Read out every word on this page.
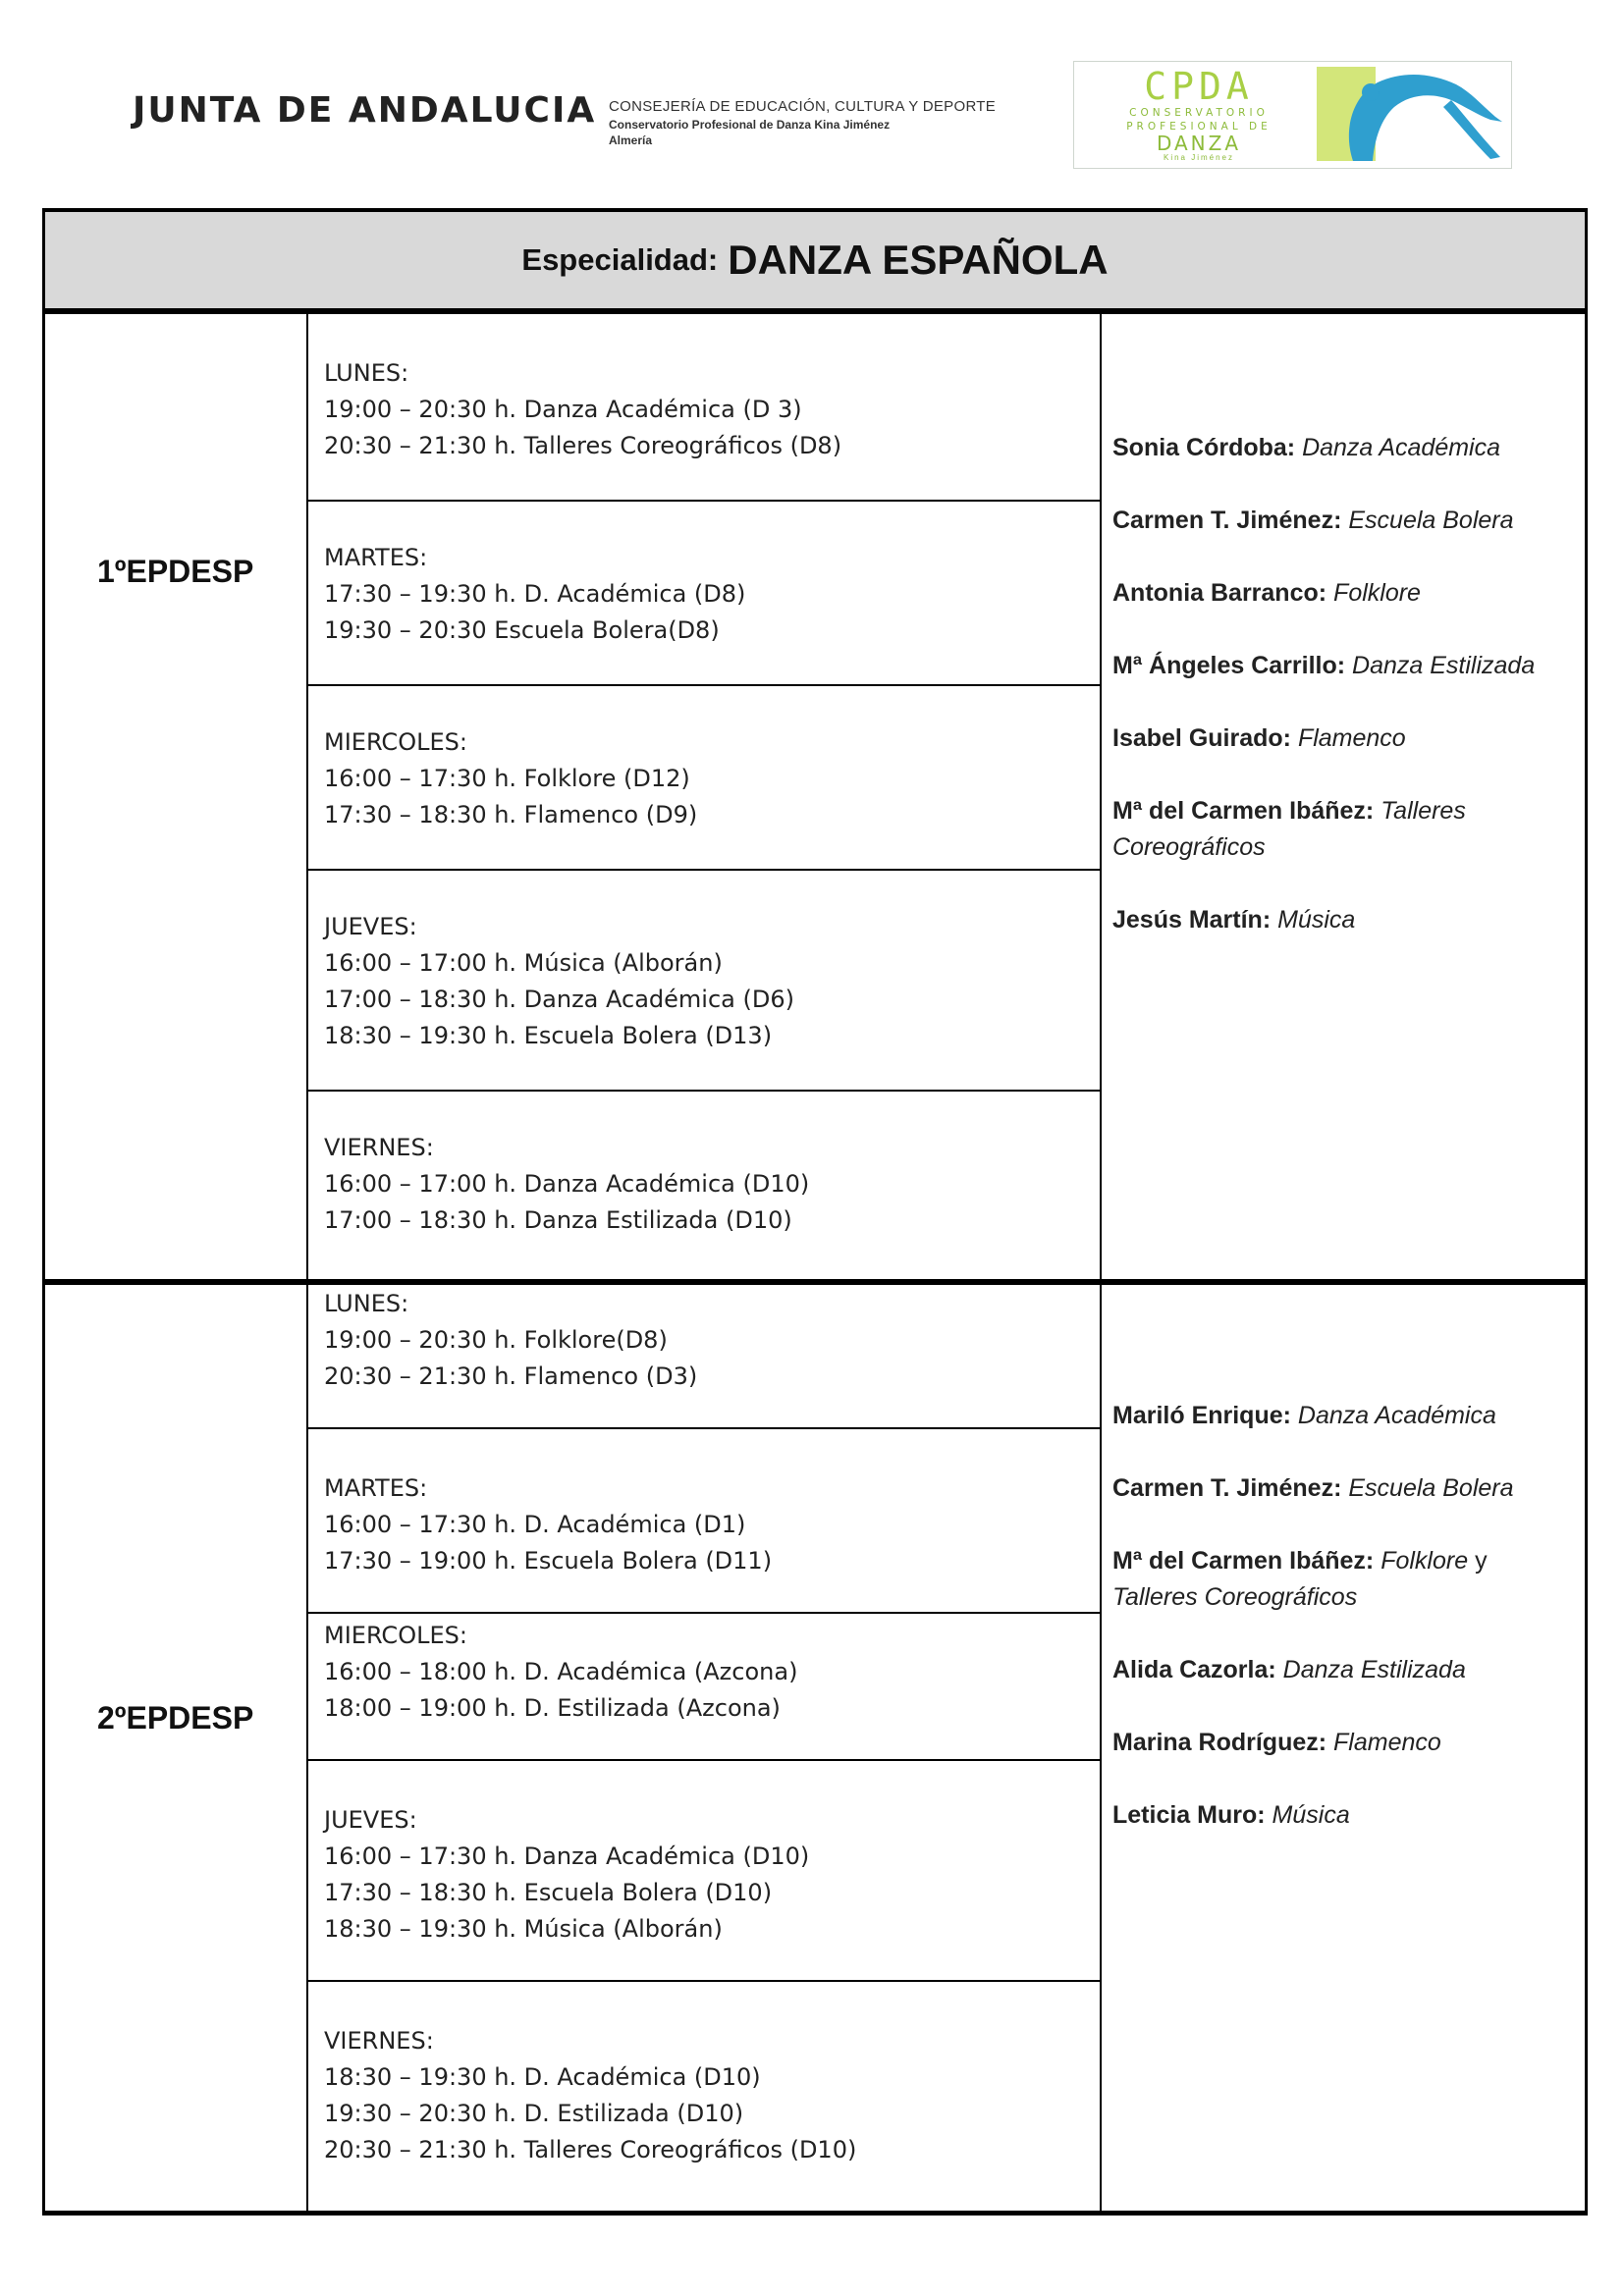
JUNTA DE ANDALUCIA CONSEJERÍA DE EDUCACIÓN, CULTURA Y DEPORTE
Conservatorio Profesional de Danza Kina Jiménez
Almería
CPDA
CONSERVATORIO
PROFESIONAL DE
DANZA
Kina Jiménez
Especialidad: DANZA ESPAÑOLA
1ºEPDESP
LUNES:
19:00 – 20:30 h. Danza Académica (D 3)
20:30 – 21:30 h. Talleres Coreográficos (D8)
MARTES:
17:30 – 19:30 h. D. Académica (D8)
19:30 – 20:30 Escuela Bolera(D8)
MIERCOLES:
16:00 – 17:30 h. Folklore (D12)
17:30 – 18:30 h. Flamenco (D9)
JUEVES:
16:00 – 17:00 h. Música (Alborán)
17:00 – 18:30 h. Danza Académica (D6)
18:30 – 19:30 h. Escuela Bolera (D13)
VIERNES:
16:00 – 17:00 h. Danza Académica (D10)
17:00 – 18:30 h. Danza Estilizada (D10)
Sonia Córdoba: Danza Académica
Carmen T. Jiménez: Escuela Bolera
Antonia Barranco: Folklore
Mª Ángeles Carrillo: Danza Estilizada
Isabel Guirado: Flamenco
Mª del Carmen Ibáñez: Talleres Coreográficos
Jesús Martín: Música
2ºEPDESP
LUNES:
19:00 – 20:30 h. Folklore(D8)
20:30 – 21:30 h. Flamenco (D3)
MARTES:
16:00 – 17:30 h. D. Académica (D1)
17:30 – 19:00 h. Escuela Bolera (D11)
MIERCOLES:
16:00 – 18:00 h. D. Académica (Azcona)
18:00 – 19:00 h. D. Estilizada (Azcona)
JUEVES:
16:00 – 17:30 h. Danza Académica (D10)
17:30 – 18:30 h. Escuela Bolera (D10)
18:30 – 19:30 h. Música (Alborán)
VIERNES:
18:30 – 19:30 h. D. Académica (D10)
19:30 – 20:30 h. D. Estilizada (D10)
20:30 – 21:30 h. Talleres Coreográficos (D10)
Mariló Enrique: Danza Académica
Carmen T. Jiménez: Escuela Bolera
Mª del Carmen Ibáñez: Folklore y Talleres Coreográficos
Alida Cazorla: Danza Estilizada
Marina Rodríguez: Flamenco
Leticia Muro: Música
